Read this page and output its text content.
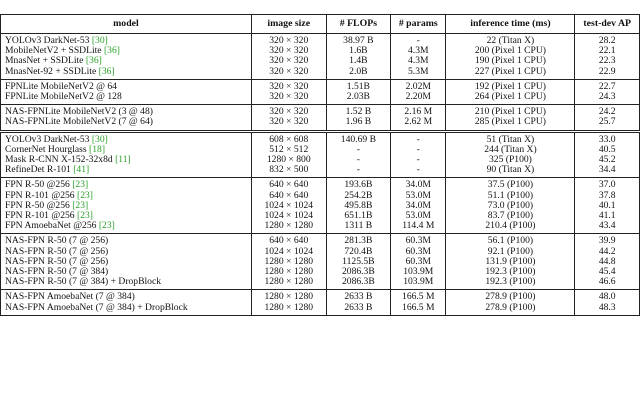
model	image size	# FLOPs	# params	inference time (ms)	test-dev AP
YOLOv3 DarkNet-53 [30]	320 × 320	38.97 B	-	22 (Titan X)	28.2
MobileNetV2 + SSDLite [36]	320 × 320	1.6B	4.3M	200 (Pixel 1 CPU)	22.1
MnasNet + SSDLite [36]	320 × 320	1.4B	4.3M	190 (Pixel 1 CPU)	22.3
MnasNet-92 + SSDLite [36]	320 × 320	2.0B	5.3M	227 (Pixel 1 CPU)	22.9
FPNLite MobileNetV2 @ 64	320 × 320	1.51B	2.02M	192 (Pixel 1 CPU)	22.7
FPNLite MobileNetV2 @ 128	320 × 320	2.03B	2.20M	264 (Pixel 1 CPU)	24.3
NAS-FPNLite MobileNetV2 (3 @ 48)	320 × 320	1.52 B	2.16 M	210 (Pixel 1 CPU)	24.2
NAS-FPNLite MobileNetV2 (7 @ 64)	320 × 320	1.96 B	2.62 M	285 (Pixel 1 CPU)	25.7
YOLOv3 DarkNet-53 [30]	608 × 608	140.69 B	-	51 (Titan X)	33.0
CornerNet Hourglass [18]	512 × 512	-	-	244 (Titan X)	40.5
Mask R-CNN X-152-32x8d [11]	1280 × 800	-	-	325 (P100)	45.2
RefineDet R-101 [41]	832 × 500	-	-	90 (Titan X)	34.4
FPN R-50 @256 [23]	640 × 640	193.6B	34.0M	37.5 (P100)	37.0
FPN R-101 @256 [23]	640 × 640	254.2B	53.0M	51.1 (P100)	37.8
FPN R-50 @256 [23]	1024 × 1024	495.8B	34.0M	73.0 (P100)	40.1
FPN R-101 @256 [23]	1024 × 1024	651.1B	53.0M	83.7 (P100)	41.1
FPN AmoebaNet @256 [23]	1280 × 1280	1311 B	114.4 M	210.4 (P100)	43.4
NAS-FPN R-50 (7 @ 256)	640 × 640	281.3B	60.3M	56.1 (P100)	39.9
NAS-FPN R-50 (7 @ 256)	1024 × 1024	720.4B	60.3M	92.1 (P100)	44.2
NAS-FPN R-50 (7 @ 256)	1280 × 1280	1125.5B	60.3M	131.9 (P100)	44.8
NAS-FPN R-50 (7 @ 384)	1280 × 1280	2086.3B	103.9M	192.3 (P100)	45.4
NAS-FPN R-50 (7 @ 384) + DropBlock	1280 × 1280	2086.3B	103.9M	192.3 (P100)	46.6
NAS-FPN AmoebaNet (7 @ 384)	1280 × 1280	2633 B	166.5 M	278.9 (P100)	48.0
NAS-FPN AmoebaNet (7 @ 384) + DropBlock	1280 × 1280	2633 B	166.5 M	278.9 (P100)	48.3
